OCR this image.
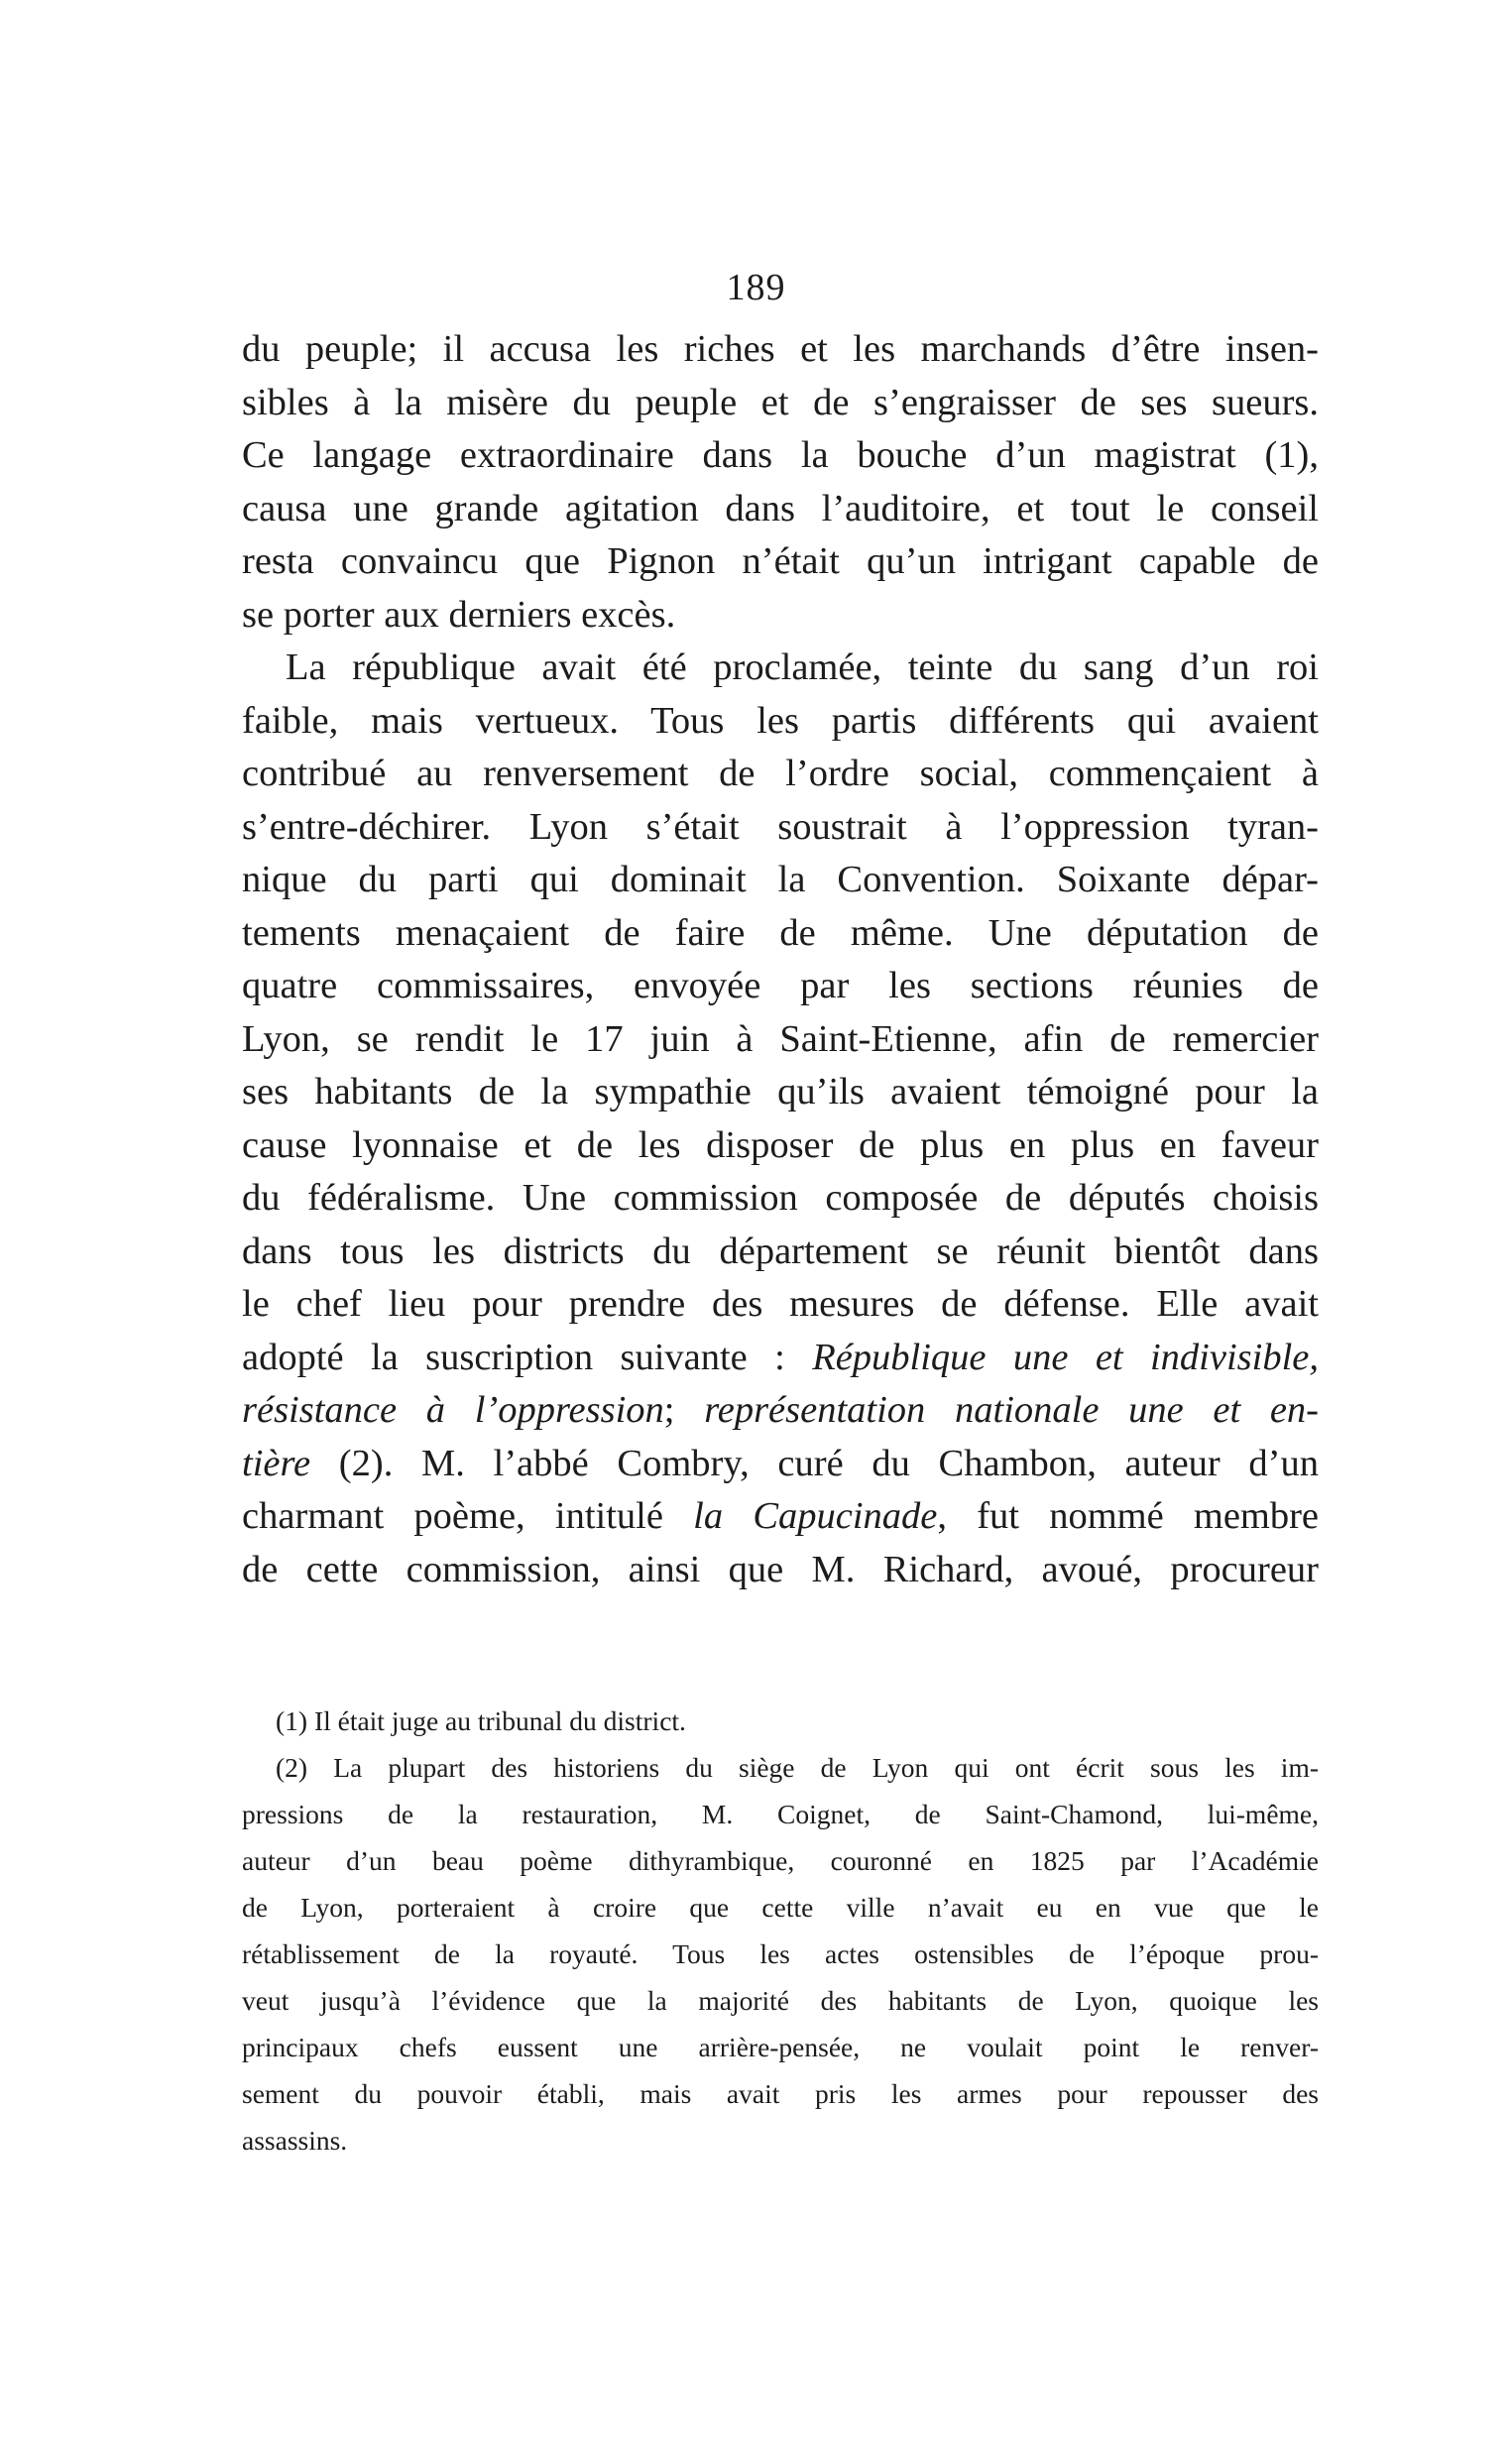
189
du peuple; il accusa les riches et les marchands d’être insen-
sibles à la misère du peuple et de s’engraisser de ses sueurs.
Ce langage extraordinaire dans la bouche d’un magistrat (1),
causa une grande agitation dans l’auditoire, et tout le conseil
resta convaincu que Pignon n’était qu’un intrigant capable de
se porter aux derniers excès.
La république avait été proclamée, teinte du sang d’un roi
faible, mais vertueux. Tous les partis différents qui avaient
contribué au renversement de l’ordre social, commençaient à
s’entre-déchirer. Lyon s’était soustrait à l’oppression tyran-
nique du parti qui dominait la Convention. Soixante dépar-
tements menaçaient de faire de même. Une députation de
quatre commissaires, envoyée par les sections réunies de
Lyon, se rendit le 17 juin à Saint-Etienne, afin de remercier
ses habitants de la sympathie qu’ils avaient témoigné pour la
cause lyonnaise et de les disposer de plus en plus en faveur
du fédéralisme. Une commission composée de députés choisis
dans tous les districts du département se réunit bientôt dans
le chef lieu pour prendre des mesures de défense. Elle avait
adopté la suscription suivante : République une et indivisible,
résistance à l’oppression; représentation nationale une et en-
tière (2). M. l’abbé Combry, curé du Chambon, auteur d’un
charmant poème, intitulé la Capucinade, fut nommé membre
de cette commission, ainsi que M. Richard, avoué, procureur
(1) Il était juge au tribunal du district.
(2) La plupart des historiens du siège de Lyon qui ont écrit sous les im-
pressions de la restauration, M. Coignet, de Saint-Chamond, lui-même,
auteur d’un beau poème dithyrambique, couronné en 1825 par l’Académie
de Lyon, porteraient à croire que cette ville n’avait eu en vue que le
rétablissement de la royauté. Tous les actes ostensibles de l’époque prou-
veut jusqu’à l’évidence que la majorité des habitants de Lyon, quoique les
principaux chefs eussent une arrière-pensée, ne voulait point le renver-
sement du pouvoir établi, mais avait pris les armes pour repousser des
assassins.
